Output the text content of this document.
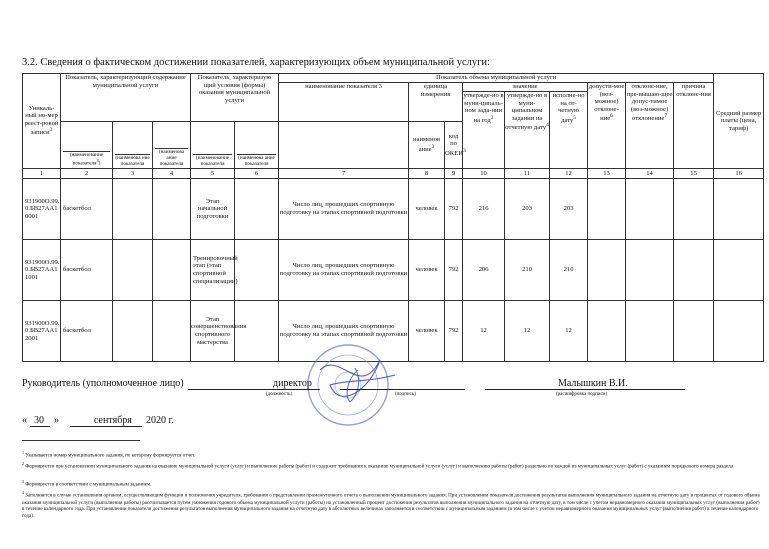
3.2. Сведения о фактическом достижении показателей, характеризующих объем муниципальной услуги:
Уникаль-ный но-мер реест-ровой записи$^3$	Показатель, характеризующий содержание муниципальной услуги			Показатель, характеризую щий условия (формы) оказания муниципальной услуги		Показатель объема муниципальной услуги									Средний размер платы (цена, тариф)
						наименование показателя 3	единица измерения		значение			допусти-мое (воз-можное) отклоне-ние$^6$	отклоне-ние, пре-вышаю-щее допус-тимое (воз-можное) отклонение$^7$	причина отклоне-ния	
									утвержде-но в муни-ципаль-ном зада-нии на год$^3$	утвержде-но в муни-ципальном задании на отчетную дату$^4$	исполне-но на от-четную дату$^5$

	(наименование показателя$^3$)	(наименова ние показателя	(наименова ание показателя	(наименование показателя	(наименова ание показателя		наименов ание$^3$	код по ОКЕИ$^3$
1	2	3	4	5	6	7	8	9	10	11	12	13	14	15	16
931900О.99.0.БВ27АА10001	баскетбол			Этап начальной подготовки		Число лиц, прошедших спортивную подготовку на этапах спортивной подготовки	человек	792	216	203	203				
931900О.99.0.БВ27АА11001	баскетбол			Тренировочный этап (этап спортивной специализации)		Число лиц, прошедших спортивную подготовку на этапах спортивной подготовки	человек	792	206	210	210				
931900О.99.0.БВ27АА12001	баскетбол			Этап совершенствования спортивного мастерства		Число лиц, прошедших спортивную подготовку на этапах спортивной подготовки	человек	792	12	12	12				
Руководитель (уполномоченное лицо)	директор	Малышкин В.И.
(должность)	(подпись)	(расшифровка подписи)
« 30 »	сентября 2020 г.
$^1$ Указывается номер муниципального задания, по которому формируется отчет.
$^2$ Формируется при установлении муниципального задания на оказание муниципальной услуги (услуг) и выполнение работы (работ) и содержит требования к оказанию муниципальной услуги (услуг) и выполнению работы (работ) раздельно по каждой из муниципальных услуг (работ) с указанием порядкового номера раздела.
$^3$ Формируется в соответствии с муниципальным заданием.
$^4$ Заполняется в случае установления органом, осуществляющим функции и полномочия учредителя, требования о представлении промежуточного отчета о выполнении муниципального задания. При установлении показателя достижения результатов выполнения муниципального задания на отчетную дату в процентах от годового объема оказания муниципальной услуги (выполнения работы) рассчитывается путем умножения годового объема муниципальной услуги (работы) на установленный процент достижения результатов выполнения муниципального задания на отчетную дату, в том числе с учетом неравномерного оказания муниципальных услуг (выполнения работ) в течение календарного года. При установлении показателя достижения результатов выполнения муниципального задания на отчетную дату в абсолютных величинах заполняется в соответствии с муниципальным заданием (в том числе с учетом неравномерного оказания муниципальных услуг (выполнения работ) в течение календарного года).
